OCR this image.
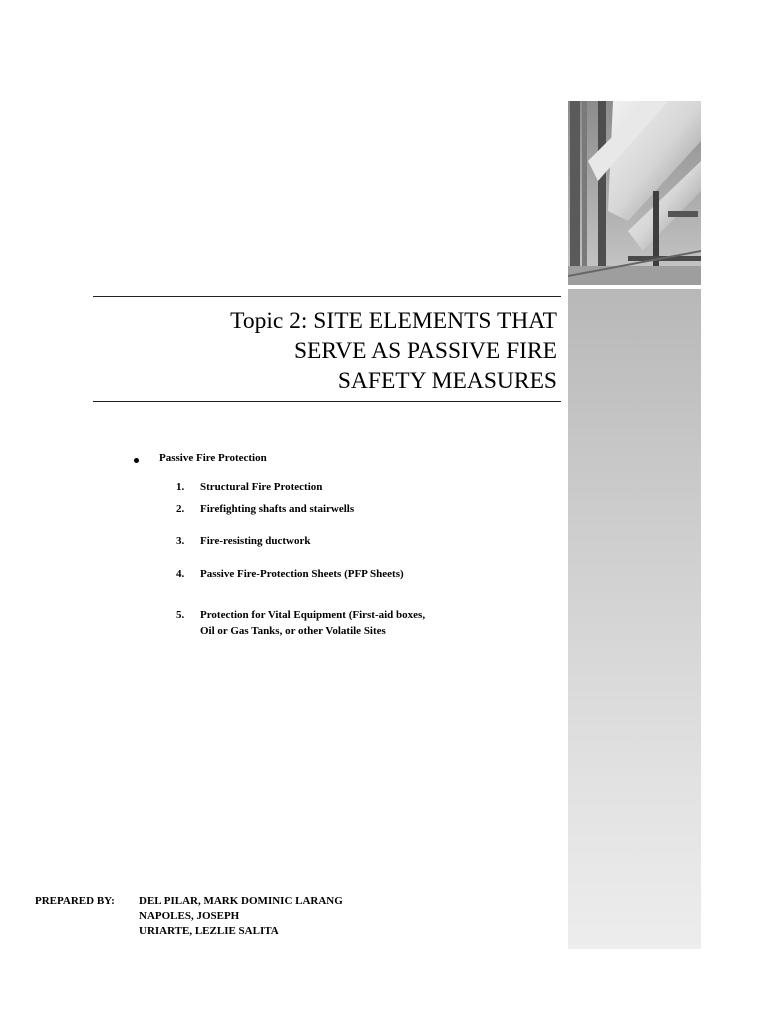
Topic 2: SITE ELEMENTS THAT
SERVE AS PASSIVE FIRE
SAFETY MEASURES
Passive Fire Protection
1.	Structural Fire Protection
2.	Firefighting shafts and stairwells
3.	Fire-resisting ductwork
4.	Passive Fire-Protection Sheets (PFP Sheets)
5.	Protection for Vital Equipment (First-aid boxes,
Oil or Gas Tanks, or other Volatile Sites
PREPARED BY: DEL PILAR, MARK DOMINIC LARANG
NAPOLES, JOSEPH
URIARTE, LEZLIE SALITA
